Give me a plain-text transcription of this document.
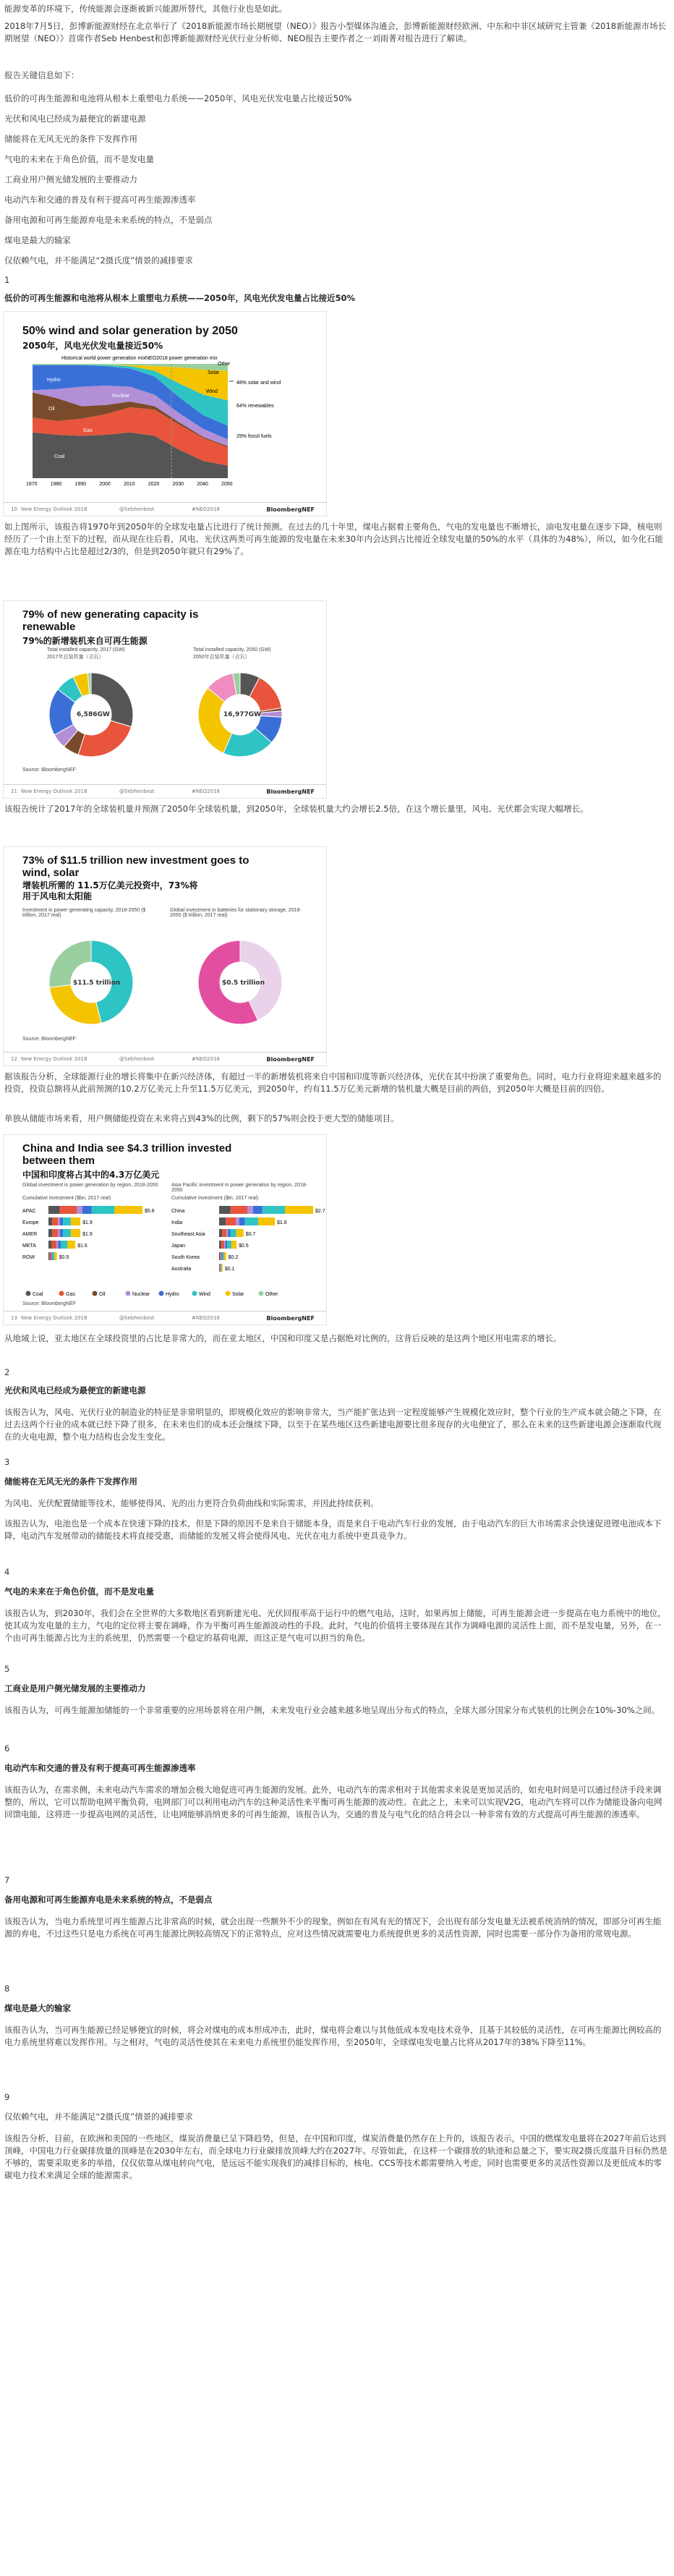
能源变革的环境下，传统能源会逐渐被新兴能源所替代，其他行业也是如此。

2018年7月5日，彭博新能源财经在北京举行了《2018新能源市场长期展望（NEO）》报告小型媒体沟通会，彭博新能源财经欧洲、中东和中非区域研究主管兼《2018新能源市场长期展望（NEO）》首席作者Seb Henbest和彭博新能源财经光伏行业分析师、NEO报告主要作者之一刘雨菁对报告进行了解读。

报告关键信息如下：

低价的可再生能源和电池将从根本上重塑电力系统——2050年，风电光伏发电量占比接近50%

光伏和风电已经成为最便宜的新建电源

储能将在无风无光的条件下发挥作用

气电的未来在于角色价值，而不是发电量

工商业用户侧光储发展的主要推动力

电动汽车和交通的普及有利于提高可再生能源渗透率

备用电源和可再生能源弃电是未来系统的特点，不是弱点

煤电是最大的输家

仅依赖气电，并不能满足“2摄氏度”情景的减排要求

1

低价的可再生能源和电池将从根本上重塑电力系统——2050年，风电光伏发电量占比接近50%

50% wind and solar generation by 2050
2050年，风电光伏发电量接近50%
Historical world power generation mix NEO2018 power generation mix
1970	1980	1990	2000	2010	2020	2030	2040	2050
48% solar and wind
64% renewables
29% fossil fuels
Coal
Gas
Oil
Nuclear
Hydro
Wind
Solar
Other
10 New Energy Outlook 2018	@Sebhenbest	#NEO2018	BloombergNEF

如上图所示，该报告将1970年到2050年的全球发电量占比进行了统计预测。在过去的几十年里，煤电占据着主要角色，气电的发电量也不断增长，油电发电量在逐步下降，核电则经历了一个由上至下的过程，而从现在往后看，风电、光伏这两类可再生能源的发电量在未来30年内会达到占比接近全球发电量的50%的水平（具体的为48%），所以，如今化石能源在电力结构中占比是超过2/3的，但是到2050年就只有29%了。

79% of new generating capacity is renewable
79%的新增装机来自可再生能源
Total installed capacity, 2017 (GW)
2017年总装机量（吉瓦）
Total installed capacity, 2050 (GW)
2050年总装机量（吉瓦）
6,586GW	16,977GW
Source: BloombergNEF
11 New Energy Outlook 2018	@Sebhenbest	#NEO2018	BloombergNEF

该报告统计了2017年的全球装机量并预测了2050年全球装机量，到2050年，全球装机量大约会增长2.5倍，在这个增长量里，风电、光伏都会实现大幅增长。

73% of $11.5 trillion new investment goes to wind, solar
增装机所需的 11.5万亿美元投资中，73%将用于风电和太阳能
Investment in power generating capacity, 2018-2050 ($ trillion, 2017 real)
Global investment in batteries for stationary storage, 2018-2050 ($ trillion, 2017 real)
$11.5 trillion	$0.5 trillion
Source: BloombergNEF
12 New Energy Outlook 2018	@Sebhenbest	#NEO2018	BloombergNEF

据该报告分析，全球能源行业的增长将集中在新兴经济体，有超过一半的新增装机将来自中国和印度等新兴经济体，光伏在其中扮演了重要角色。同时，电力行业将迎来越来越多的投资，投资总额将从此前预测的10.2万亿美元上升至11.5万亿美元，到2050年，约有11.5万亿美元新增的装机量大概是目前的两倍，到2050年大概是目前的四倍。

单独从储能市场来看，用户侧储能投资在未来将占到43%的比例，剩下的57%则会投于更大型的储能项目。

China and India see $4.3 trillion invested between them
中国和印度将占其中的4.3万亿美元
Global investment in power generation by region, 2018-2050
Cumulative investment ($bn, 2017 real)
Asia Pacific investment in power generation by region, 2018-2050
Cumulative investment ($tn, 2017 real)
APAC	$5.6
Europe	$1.9
AMER	$1.9
META	$1.6
ROW	$0.5
China	$2.7
India	$1.6
Southeast Asia	$0.7
Japan	$0.5
South Korea	$0.2
Australia	$0.1
Coal	Gas	Oil	Nuclear	Hydro	Wind	Solar	Other
Source: BloombergNEF
13 New Energy Outlook 2018	@Sebhenbest	#NEO2018	BloombergNEF

从地域上说，亚太地区在全球投资里的占比是非常大的，而在亚太地区，中国和印度又是占据绝对比例的，这背后反映的是这两个地区用电需求的增长。

2

光伏和风电已经成为最便宜的新建电源

该报告认为，风电、光伏行业的制造业的特征是非常明显的，即规模化效应的影响非常大，当产能扩张达到一定程度能够产生规模化效应时，整个行业的生产成本就会随之下降，在过去这两个行业的成本就已经下降了很多，在未来也们的成本还会继续下降，以至于在某些地区这些新建电源要比很多现存的火电便宜了，那么在未来的这些新建电源会逐渐取代现在的火电电源，整个电力结构也会发生变化。

3

储能将在无风无光的条件下发挥作用

为风电、光伏配置储能等技术，能够使得风、光的出力更符合负荷曲线和实际需求，并因此持续获利。

该报告认为，电池也是一个成本在快速下降的技术，但是下降的原因不是来自于储能本身，而是来自于电动汽车行业的发展，由于电动汽车的巨大市场需求会快速促进锂电池成本下降，电动汽车发展带动的储能技术将直接受惠，而储能的发展又将会使得风电、光伏在电力系统中更具竞争力。

4

气电的未来在于角色价值，而不是发电量

该报告认为，到2030年，我们会在全世界的大多数地区看到新建光电、光伏回报率高于运行中的燃气电站，这时，如果再加上储能，可再生能源会进一步提高在电力系统中的地位，使其成为发电量的主力，气电的定位将主要在调峰，作为平衡可再生能源波动性的手段。此时，气电的价值将主要体现在其作为调峰电源的灵活性上面，而不是发电量，另外，在一个由可再生能源占比为主的系统里，仍然需要一个稳定的基荷电源，而这正是气电可以担当的角色。

5

工商业是用户侧光储发展的主要推动力

该报告认为，可再生能源加储能的一个非常重要的应用场景将在用户侧，未来发电行业会越来越多地呈现出分布式的特点，全球大部分国家分布式装机的比例会在10%-30%之间。

6

电动汽车和交通的普及有利于提高可再生能源渗透率

该报告认为，在需求侧，未来电动汽车需求的增加会极大地促进可再生能源的发展。此外，电动汽车的需求相对于其他需求来说是更加灵活的，如充电时间是可以通过经济手段来调整的，所以，它可以帮助电网平衡负荷，电网部门可以利用电动汽车的这种灵活性来平衡可再生能源的波动性。在此之上，未来可以实现V2G，电动汽车将可以作为储能设备向电网回馈电能，这将进一步提高电网的灵活性，让电网能够消纳更多的可再生能源，该报告认为，交通的普及与电气化的结合将会以一种非常有效的方式提高可再生能源的渗透率。

7

备用电源和可再生能源弃电是未来系统的特点，不是弱点

该报告认为，当电力系统里可再生能源占比非常高的时候，就会出现一些额外不少的现象，例如在有风有光的情况下，会出现有部分发电量无法被系统消纳的情况，即部分可再生能源的弃电，不过这些只是电力系统在可再生能源比例较高情况下的正常特点，应对这些情况就需要电力系统提供更多的灵活性资源，同时也需要一部分作为备用的常规电源。

8

煤电是最大的输家

该报告认为，当可再生能源已经足够便宜的时候，将会对煤电的成本形成冲击，此时，煤电将会难以与其他低成本发电技术竞争，且基于其较低的灵活性，在可再生能源比例较高的电力系统里将难以发挥作用。与之相对，气电的灵活性使其在未来电力系统里仍能发挥作用，至2050年，全球煤电发电量占比将从2017年的38%下降至11%。

9

仅依赖气电，并不能满足“2摄氏度”情景的减排要求

该报告分析，目前，在欧洲和美国的一些地区，煤炭消费量已呈下降趋势，但是，在中国和印度，煤炭消费量仍然存在上升的，该报告表示，中国的燃煤发电量将在2027年前后达到顶峰，中国电力行业碳排放量的顶峰是在2030年左右，而全球电力行业碳排放顶峰大约在2027年。尽管如此，在这样一个碳排放的轨迹和总量之下，要实现2摄氏度温升目标仍然是不够的，需要采取更多的举措，仅仅依靠从煤电转向气电，是远远不能实现我们的减排目标的，核电、CCS等技术都需要纳入考虑，同时也需要更多的灵活性资源以及更低成本的零碳电力技术来满足全球的能源需求。
